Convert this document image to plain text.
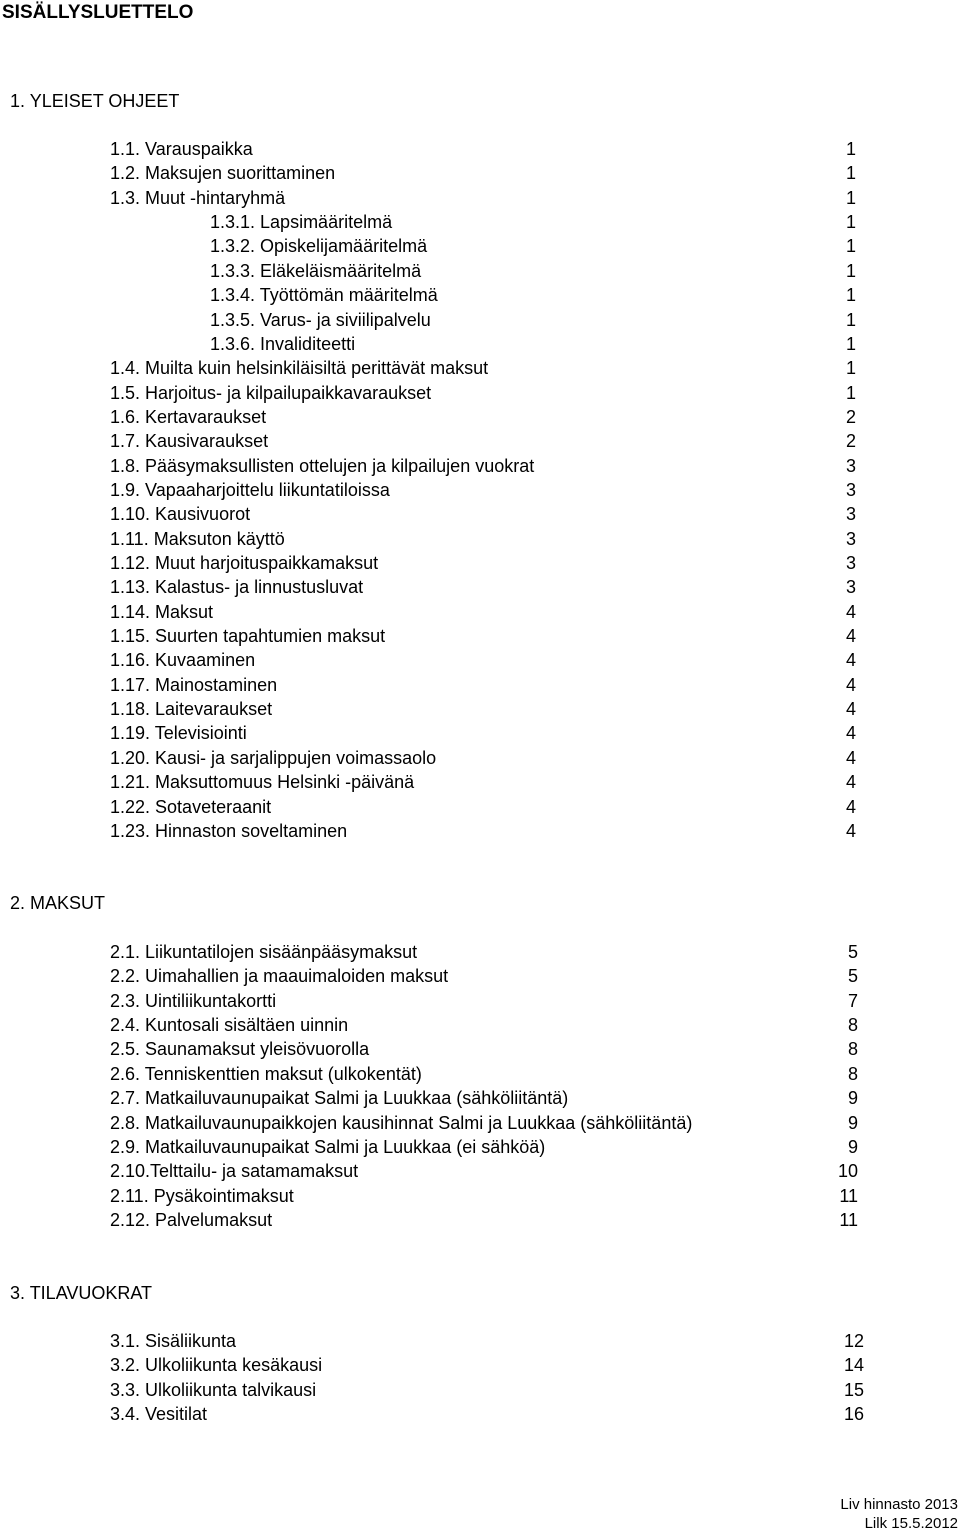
SISÄLLYSLUETTELO
1. YLEISET OHJEET
1.1. Varauspaikka	1
1.2. Maksujen suorittaminen	1
1.3. Muut -hintaryhmä	1
1.3.1. Lapsimääritelmä	1
1.3.2. Opiskelijamääritelmä	1
1.3.3. Eläkeläismääritelmä	1
1.3.4. Työttömän määritelmä	1
1.3.5. Varus- ja siviilipalvelu	1
1.3.6. Invaliditeetti	1
1.4. Muilta kuin helsinkiläisiltä perittävät maksut	1
1.5. Harjoitus- ja kilpailupaikkavaraukset	1
1.6. Kertavaraukset	2
1.7. Kausivaraukset	2
1.8. Pääsymaksullisten ottelujen ja kilpailujen vuokrat	3
1.9. Vapaaharjoittelu liikuntatiloissa	3
1.10. Kausivuorot	3
1.11. Maksuton käyttö	3
1.12. Muut harjoituspaikkamaksut	3
1.13. Kalastus- ja linnustusluvat	3
1.14. Maksut	4
1.15. Suurten tapahtumien maksut	4
1.16. Kuvaaminen	4
1.17. Mainostaminen	4
1.18. Laitevaraukset	4
1.19. Televisiointi	4
1.20. Kausi- ja sarjalippujen voimassaolo	4
1.21. Maksuttomuus Helsinki -päivänä	4
1.22. Sotaveteraanit	4
1.23. Hinnaston soveltaminen	4
2. MAKSUT
2.1. Liikuntatilojen sisäänpääsymaksut	5
2.2. Uimahallien ja maauimaloiden maksut	5
2.3. Uintiliikuntakortti	7
2.4. Kuntosali sisältäen uinnin	8
2.5. Saunamaksut yleisövuorolla	8
2.6. Tenniskenttien maksut (ulkokentät)	8
2.7. Matkailuvaunupaikat Salmi ja Luukkaa (sähköliitäntä)	9
2.8. Matkailuvaunupaikkojen kausihinnat Salmi ja Luukkaa (sähköliitäntä)	9
2.9. Matkailuvaunupaikat Salmi ja Luukkaa (ei sähköä)	9
2.10.Telttailu- ja satamamaksut	10
2.11. Pysäkointimaksut	11
2.12. Palvelumaksut	11
3. TILAVUOKRAT
3.1. Sisäliikunta	12
3.2. Ulkoliikunta kesäkausi	14
3.3. Ulkoliikunta talvikausi	15
3.4. Vesitilat	16
Liv hinnasto 2013
Lilk 15.5.2012
